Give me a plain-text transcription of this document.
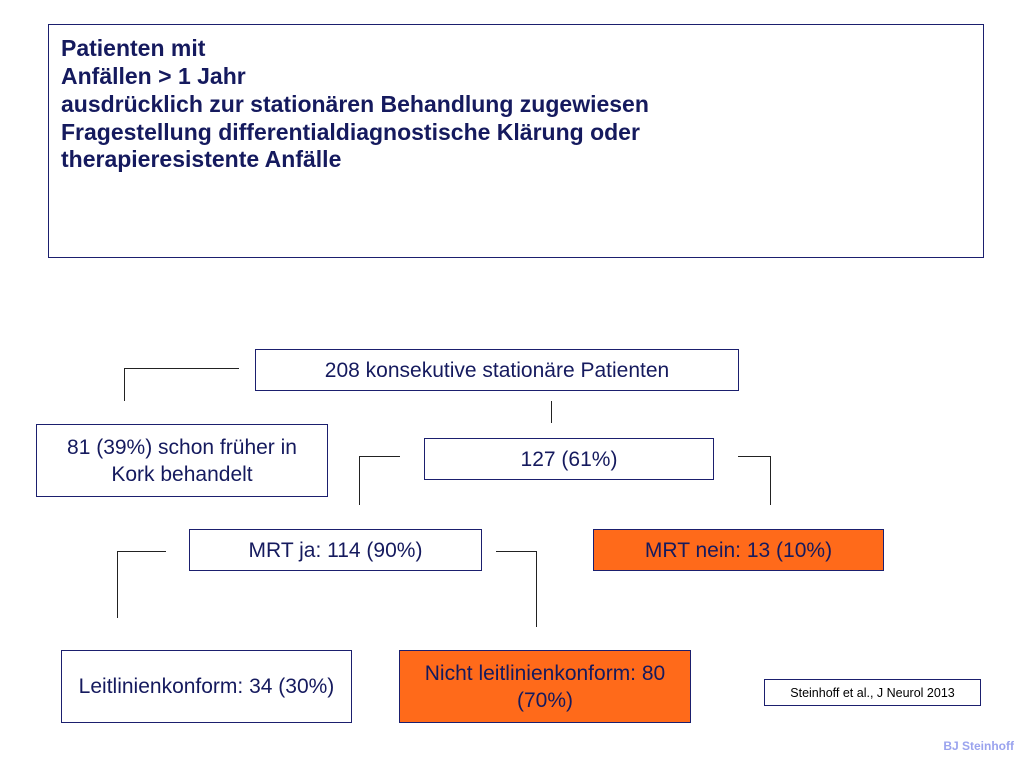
Patienten mit
Anfällen > 1 Jahr
ausdrücklich zur stationären Behandlung zugewiesen
Fragestellung differentialdiagnostische Klärung oder therapieresistente Anfälle
208 konsekutive stationäre Patienten
81 (39%) schon früher in Kork behandelt
127 (61%)
MRT ja: 114 (90%)	MRT nein: 13 (10%)
Leitlinienkonform: 34 (30%)
Nicht leitlinienkonform: 80 (70%)	Steinhoff et al., J Neurol 2013
BJ Steinhoff
